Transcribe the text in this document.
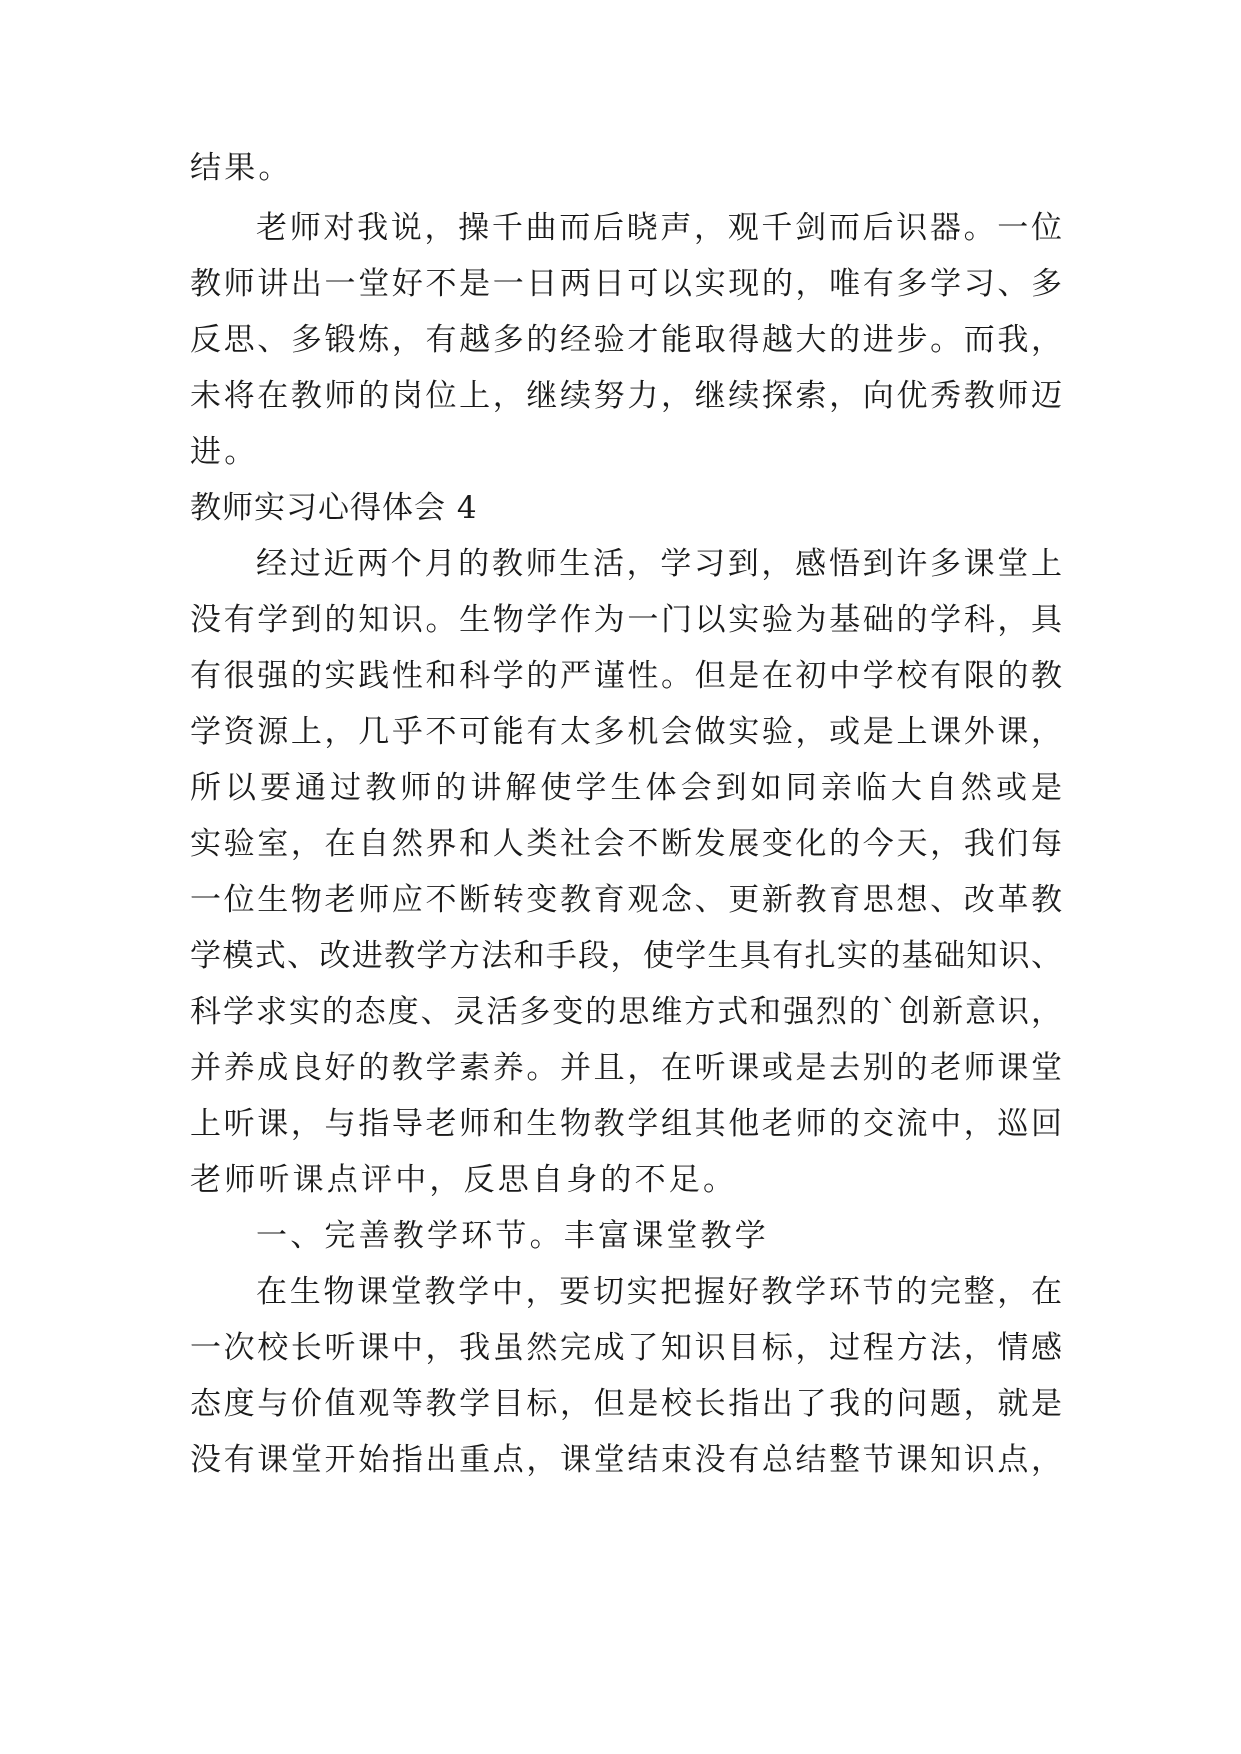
结果。

老师对我说，操千曲而后晓声，观千剑而后识器。一位

教师讲出一堂好不是一日两日可以实现的，唯有多学习、多

反思、多锻炼，有越多的经验才能取得越大的进步。而我，

未将在教师的岗位上，继续努力，继续探索，向优秀教师迈

进。

教师实习心得体会 4

经过近两个月的教师生活，学习到，感悟到许多课堂上

没有学到的知识。生物学作为一门以实验为基础的学科，具

有很强的实践性和科学的严谨性。但是在初中学校有限的教

学资源上，几乎不可能有太多机会做实验，或是上课外课，

所以要通过教师的讲解使学生体会到如同亲临大自然或是

实验室，在自然界和人类社会不断发展变化的今天，我们每

一位生物老师应不断转变教育观念、更新教育思想、改革教

学模式、改进教学方法和手段，使学生具有扎实的基础知识、

科学求实的态度、灵活多变的思维方式和强烈的`创新意识，

并养成良好的教学素养。并且，在听课或是去别的老师课堂

上听课，与指导老师和生物教学组其他老师的交流中，巡回

老师听课点评中，反思自身的不足。

一、完善教学环节。丰富课堂教学

在生物课堂教学中，要切实把握好教学环节的完整，在

一次校长听课中，我虽然完成了知识目标，过程方法，情感

态度与价值观等教学目标，但是校长指出了我的问题，就是

没有课堂开始指出重点，课堂结束没有总结整节课知识点，
